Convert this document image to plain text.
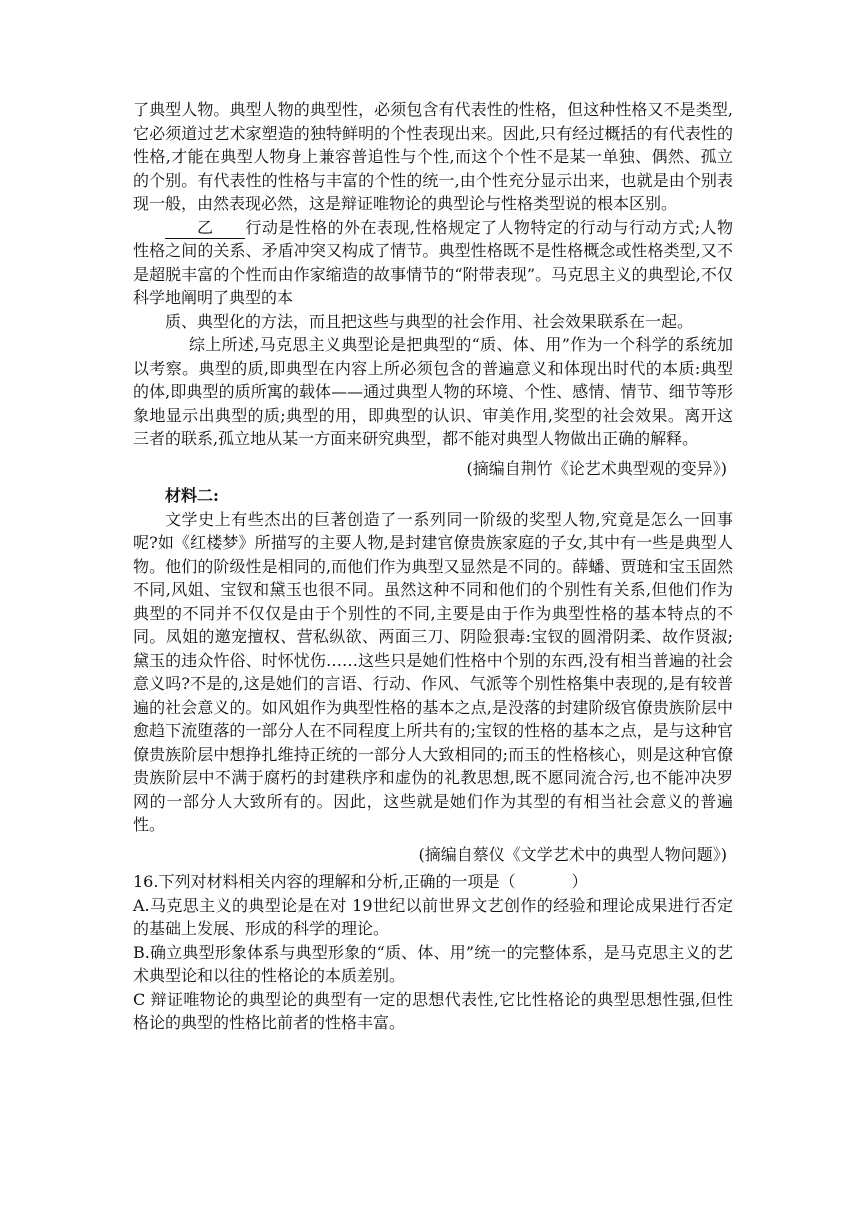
了典型人物。典型人物的典型性，必须包含有代表性的性格，但这种性格又不是类型,它必须道过艺术家塑造的独特鲜明的个性表现出来。因此,只有经过概括的有代表性的性格,才能在典型人物身上兼容普追性与个性,而这个个性不是某一单独、偶然、孤立的个别。有代表性的性格与丰富的个性的统一,由个性充分显示出来，也就是由个别表现一般，由然表现必然，这是辩证唯物论的典型论与性格类型说的根本区别。

乙 行动是性格的外在表现,性格规定了人物特定的行动与行动方式;人物性格之间的关系、矛盾冲突又构成了情节。典型性格既不是性格概念或性格类型,又不是超脱丰富的个性而由作家缩造的故事情节的“附带表现”。马克思主义的典型论,不仅科学地阐明了典型的本

质、典型化的方法，而且把这些与典型的社会作用、社会效果联系在一起。

综上所述,马克思主义典型论是把典型的“质、体、用”作为一个科学的系统加以考察。典型的质,即典型在内容上所必须包含的普遍意义和体现出时代的本质:典型的体,即典型的质所寓的载体——通过典型人物的环境、个性、感情、情节、细节等形象地显示出典型的质;典型的用，即典型的认识、审美作用,奖型的社会效果。离开这三者的联系,孤立地从某一方面来研究典型，都不能对典型人物做出正确的解释。

(摘编自荆竹《论艺术典型观的变异》)

材料二:

文学史上有些杰出的巨著创造了一系列同一阶级的奖型人物,究竟是怎么一回事呢?如《红楼梦》所描写的主要人物,是封建官僚贵族家庭的子女,其中有一些是典型人物。他们的阶级性是相同的,而他们作为典型又显然是不同的。薛蟠、贾琏和宝玉固然不同,风姐、宝钗和黛玉也很不同。虽然这种不同和他们的个别性有关系,但他们作为典型的不同并不仅仅是由于个别性的不同,主要是由于作为典型性格的基本特点的不同。凤姐的邀宠擅权、营私纵欲、两面三刀、阴险狠毒:宝钗的圆滑阴柔、故作贤淑;黛玉的违众忤俗、时怀忧伤……这些只是她们性格中个别的东西,没有相当普遍的社会意义吗?不是的,这是她们的言语、行动、作风、气派等个别性格集中表现的,是有较普遍的社会意义的。如风姐作为典型性格的基本之点,是没落的封建阶级官僚贵族阶层中愈趋下流堕落的一部分人在不同程度上所共有的;宝钗的性格的基本之点，是与这种官僚贵族阶层中想挣扎维持正统的一部分人大致相同的;而玉的性格核心，则是这种官僚贵族阶层中不满于腐朽的封建秩序和虚伪的礼教思想,既不愿同流合污,也不能冲决罗网的一部分人大致所有的。因此，这些就是她们作为其型的有相当社会意义的普遍性。

(摘编自蔡仪《文学艺术中的典型人物问题》)

16.下列对材料相关内容的理解和分析,正确的一项是（	）

A.马克思主义的典型论是在对 19世纪以前世界文艺创作的经验和理论成果进行否定的基础上发展、形成的科学的理论。

B.确立典型形象体系与典型形象的“质、体、用”统一的完整体系，是马克思主义的艺术典型论和以往的性格论的本质差别。

C 辩证唯物论的典型论的典型有一定的思想代表性,它比性格论的典型思想性强,但性格论的典型的性格比前者的性格丰富。
